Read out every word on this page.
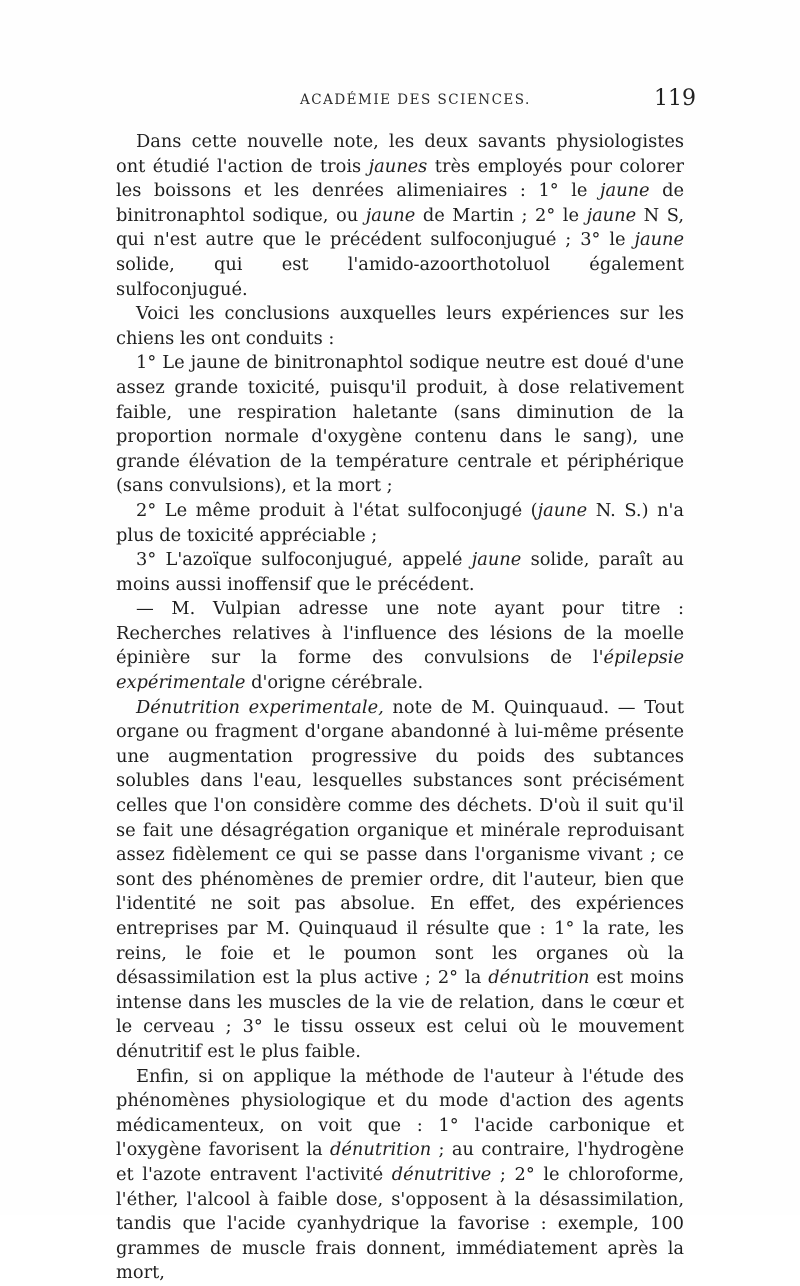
ACADÉMIE DES SCIENCES.	119

Dans cette nouvelle note, les deux savants physiologistes ont étudié l'action de trois jaunes très employés pour colorer les boissons et les denrées alimeniaires : 1° le jaune de binitronaphtol sodique, ou jaune de Martin ; 2° le jaune N S, qui n'est autre que le précédent sulfoconjugué ; 3° le jaune solide, qui est l'amido-azoorthotoluol également sulfoconjugué.

Voici les conclusions auxquelles leurs expériences sur les chiens les ont conduits :

1° Le jaune de binitronaphtol sodique neutre est doué d'une assez grande toxicité, puisqu'il produit, à dose relativement faible, une respiration haletante (sans diminution de la proportion normale d'oxygène contenu dans le sang), une grande élévation de la température centrale et périphérique (sans convulsions), et la mort ;

2° Le même produit à l'état sulfoconjugé (jaune N. S.) n'a plus de toxicité appréciable ;

3° L'azoïque sulfoconjugué, appelé jaune solide, paraît au moins aussi inoffensif que le précédent.

— M. Vulpian adresse une note ayant pour titre : Recherches relatives à l'influence des lésions de la moelle épinière sur la forme des convulsions de l'épilepsie expérimentale d'origne cérébrale.

Dénutrition experimentale, note de M. Quinquaud. — Tout organe ou fragment d'organe abandonné à lui-même présente une augmentation progressive du poids des subtances solubles dans l'eau, lesquelles substances sont précisément celles que l'on considère comme des déchets. D'où il suit qu'il se fait une désagrégation organique et minérale reproduisant assez fidèlement ce qui se passe dans l'organisme vivant ; ce sont des phénomènes de premier ordre, dit l'auteur, bien que l'identité ne soit pas absolue. En effet, des expériences entreprises par M. Quinquaud il résulte que : 1° la rate, les reins, le foie et le poumon sont les organes où la désassimilation est la plus active ; 2° la dénutrition est moins intense dans les muscles de la vie de relation, dans le cœur et le cerveau ; 3° le tissu osseux est celui où le mouvement dénutritif est le plus faible.

Enfin, si on applique la méthode de l'auteur à l'étude des phénomènes physiologique et du mode d'action des agents médicamenteux, on voit que : 1° l'acide carbonique et l'oxygène favorisent la dénutrition ; au contraire, l'hydrogène et l'azote entravent l'activité dénutritive ; 2° le chloroforme, l'éther, l'alcool à faible dose, s'opposent à la désassimilation, tandis que l'acide cyanhydrique la favorise : exemple, 100 grammes de muscle frais donnent, immédiatement après la mort,
